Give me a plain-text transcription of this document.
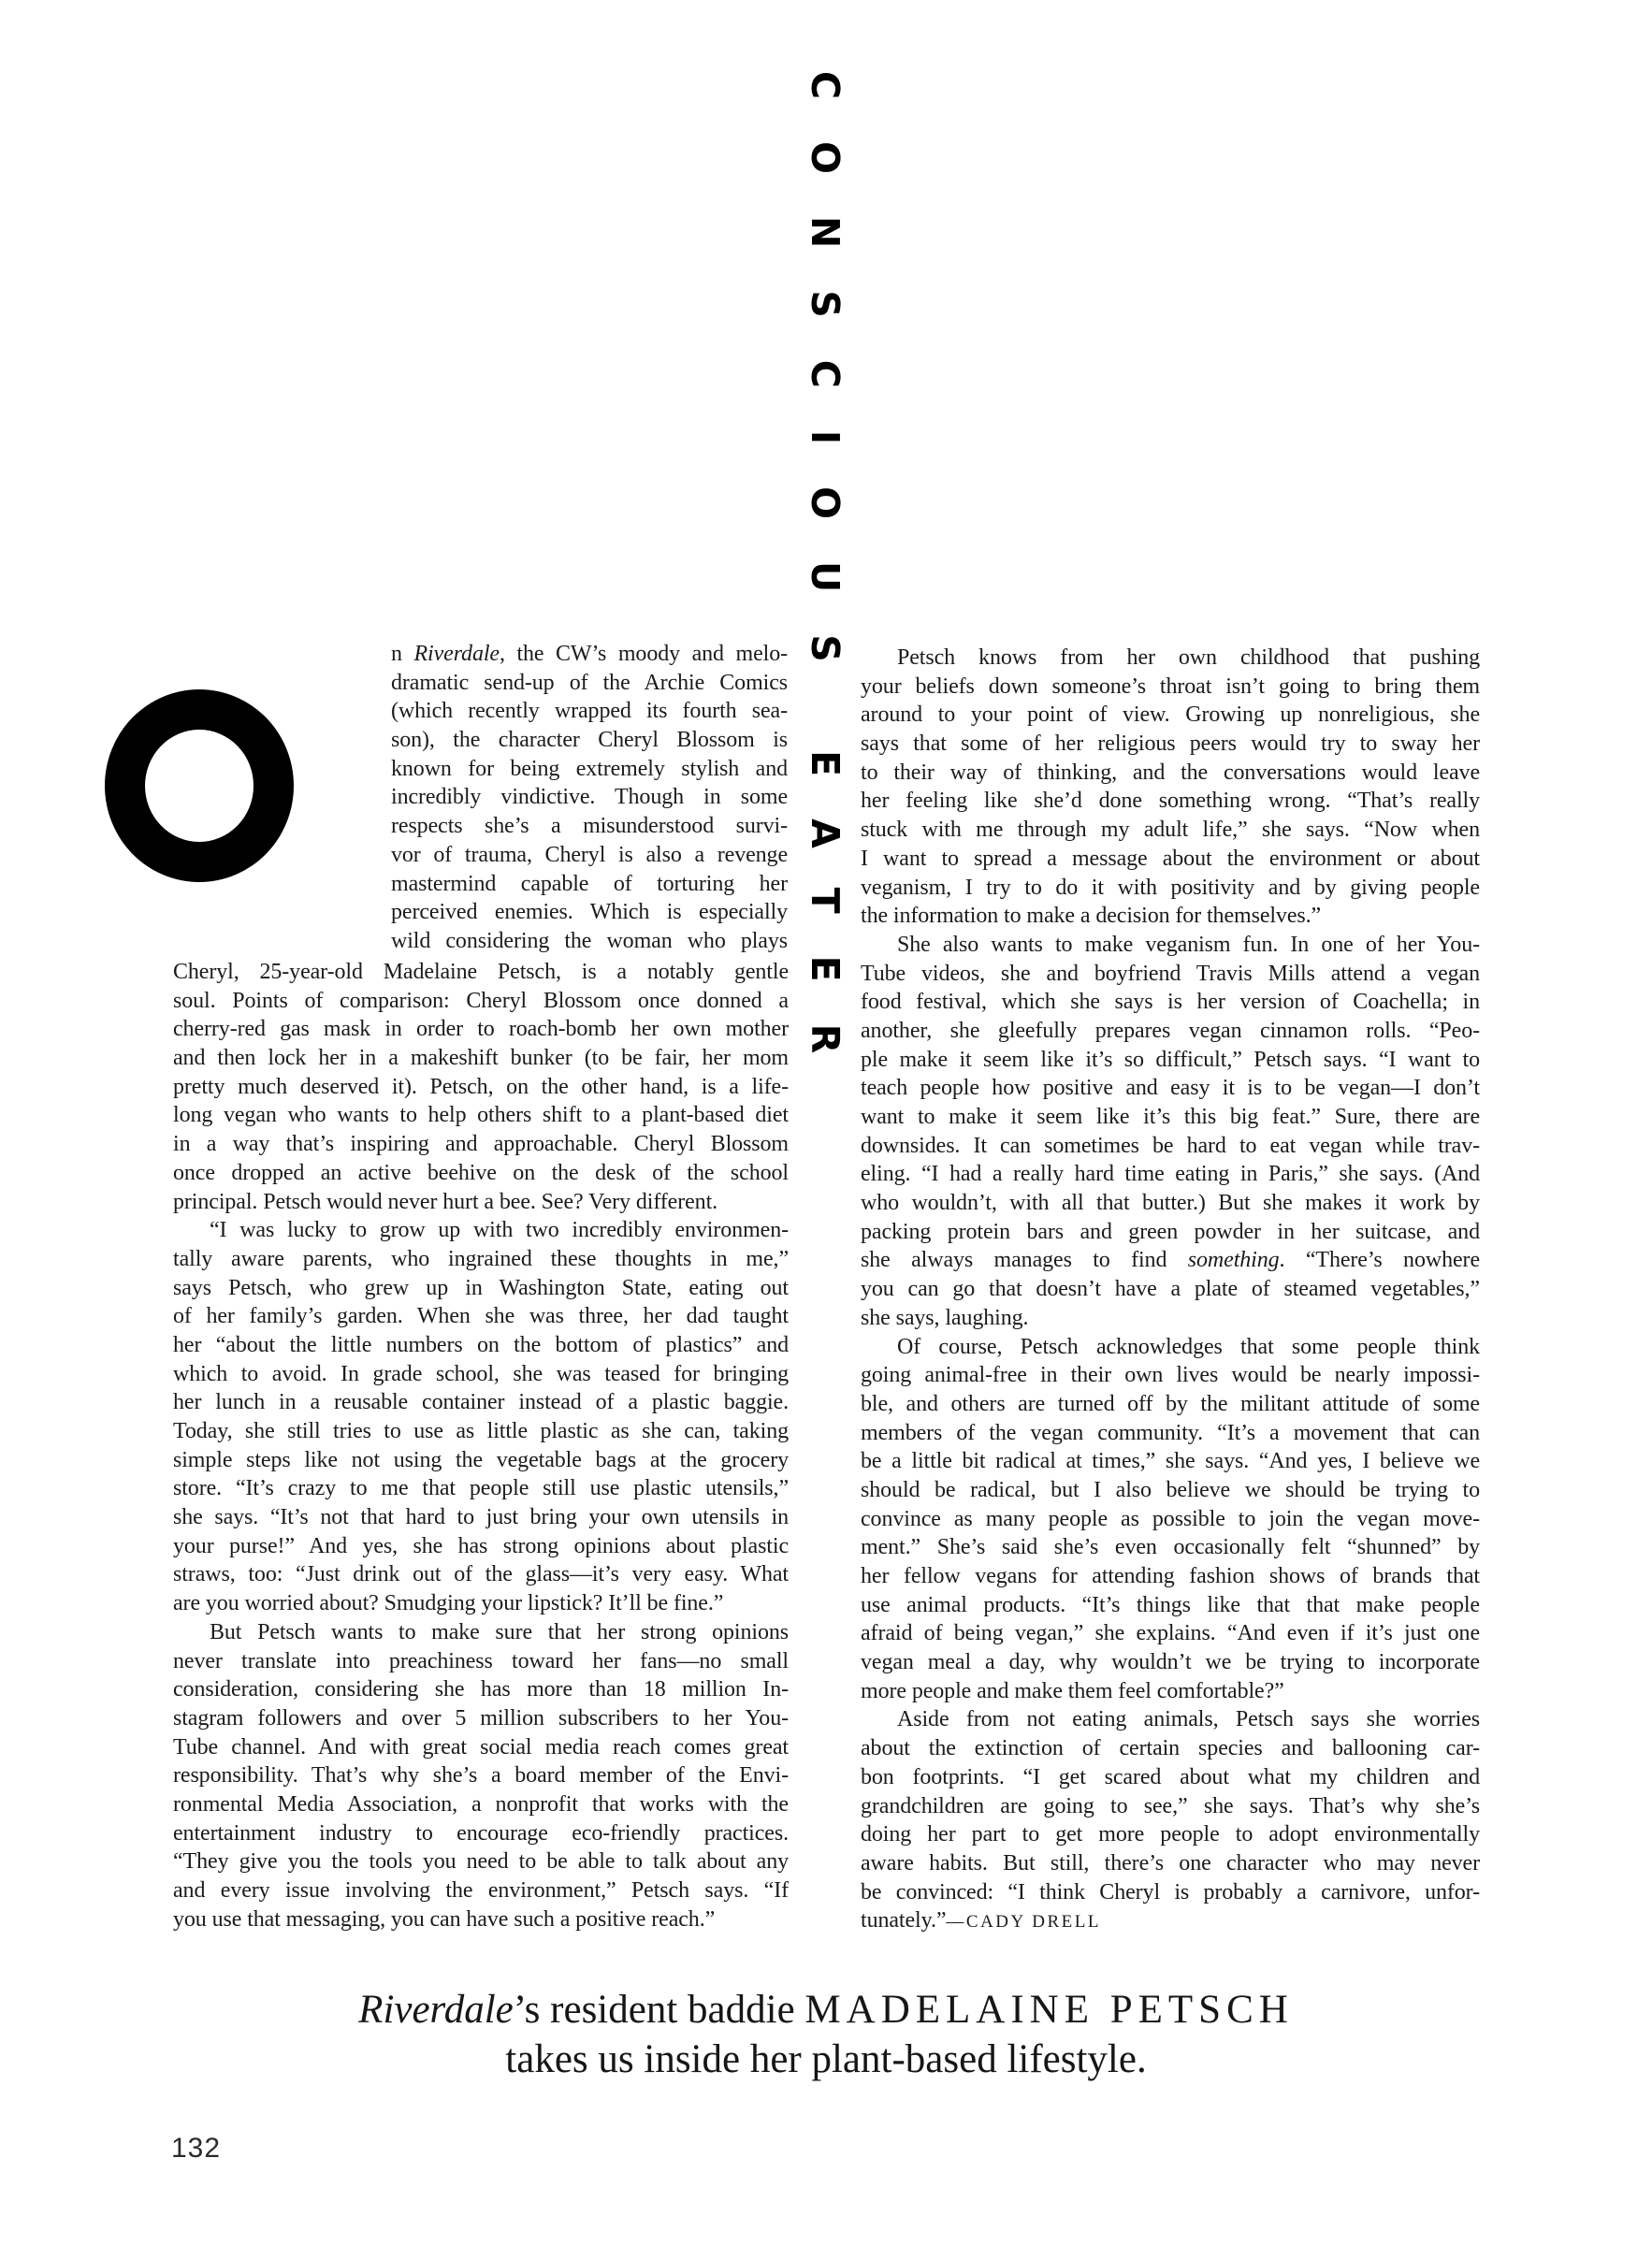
CONSCIOUS EATER
n Riverdale, the CW’s moody and melo-
dramatic send-up of the Archie Comics
(which recently wrapped its fourth sea-
son), the character Cheryl Blossom is
known for being extremely stylish and
incredibly vindictive. Though in some
respects she’s a misunderstood survi-
vor of trauma, Cheryl is also a revenge
mastermind capable of torturing her
perceived enemies. Which is especially
wild considering the woman who plays
Cheryl, 25-year-old Madelaine Petsch, is a notably gentle
soul. Points of comparison: Cheryl Blossom once donned a
cherry-red gas mask in order to roach-bomb her own mother
and then lock her in a makeshift bunker (to be fair, her mom
pretty much deserved it). Petsch, on the other hand, is a life-
long vegan who wants to help others shift to a plant-based diet
in a way that’s inspiring and approachable. Cheryl Blossom
once dropped an active beehive on the desk of the school
principal. Petsch would never hurt a bee. See? Very different.
“I was lucky to grow up with two incredibly environmen-
tally aware parents, who ingrained these thoughts in me,”
says Petsch, who grew up in Washington State, eating out
of her family’s garden. When she was three, her dad taught
her “about the little numbers on the bottom of plastics” and
which to avoid. In grade school, she was teased for bringing
her lunch in a reusable container instead of a plastic baggie.
Today, she still tries to use as little plastic as she can, taking
simple steps like not using the vegetable bags at the grocery
store. “It’s crazy to me that people still use plastic utensils,”
she says. “It’s not that hard to just bring your own utensils in
your purse!” And yes, she has strong opinions about plastic
straws, too: “Just drink out of the glass—it’s very easy. What
are you worried about? Smudging your lipstick? It’ll be fine.”
But Petsch wants to make sure that her strong opinions
never translate into preachiness toward her fans—no small
consideration, considering she has more than 18 million In-
stagram followers and over 5 million subscribers to her You-
Tube channel. And with great social media reach comes great
responsibility. That’s why she’s a board member of the Envi-
ronmental Media Association, a nonprofit that works with the
entertainment industry to encourage eco-friendly practices.
“They give you the tools you need to be able to talk about any
and every issue involving the environment,” Petsch says. “If
you use that messaging, you can have such a positive reach.”
Petsch knows from her own childhood that pushing
your beliefs down someone’s throat isn’t going to bring them
around to your point of view. Growing up nonreligious, she
says that some of her religious peers would try to sway her
to their way of thinking, and the conversations would leave
her feeling like she’d done something wrong. “That’s really
stuck with me through my adult life,” she says. “Now when
I want to spread a message about the environment or about
veganism, I try to do it with positivity and by giving people
the information to make a decision for themselves.”
She also wants to make veganism fun. In one of her You-
Tube videos, she and boyfriend Travis Mills attend a vegan
food festival, which she says is her version of Coachella; in
another, she gleefully prepares vegan cinnamon rolls. “Peo-
ple make it seem like it’s so difficult,” Petsch says. “I want to
teach people how positive and easy it is to be vegan—I don’t
want to make it seem like it’s this big feat.” Sure, there are
downsides. It can sometimes be hard to eat vegan while trav-
eling. “I had a really hard time eating in Paris,” she says. (And
who wouldn’t, with all that butter.) But she makes it work by
packing protein bars and green powder in her suitcase, and
she always manages to find something. “There’s nowhere
you can go that doesn’t have a plate of steamed vegetables,”
she says, laughing.
Of course, Petsch acknowledges that some people think
going animal-free in their own lives would be nearly impossi-
ble, and others are turned off by the militant attitude of some
members of the vegan community. “It’s a movement that can
be a little bit radical at times,” she says. “And yes, I believe we
should be radical, but I also believe we should be trying to
convince as many people as possible to join the vegan move-
ment.” She’s said she’s even occasionally felt “shunned” by
her fellow vegans for attending fashion shows of brands that
use animal products. “It’s things like that that make people
afraid of being vegan,” she explains. “And even if it’s just one
vegan meal a day, why wouldn’t we be trying to incorporate
more people and make them feel comfortable?”
Aside from not eating animals, Petsch says she worries
about the extinction of certain species and ballooning car-
bon footprints. “I get scared about what my children and
grandchildren are going to see,” she says. That’s why she’s
doing her part to get more people to adopt environmentally
aware habits. But still, there’s one character who may never
be convinced: “I think Cheryl is probably a carnivore, unfor-
tunately.”—CADY DRELL
Riverdale’s resident baddie MADELAINE PETSCH
takes us inside her plant-based lifestyle.
132
